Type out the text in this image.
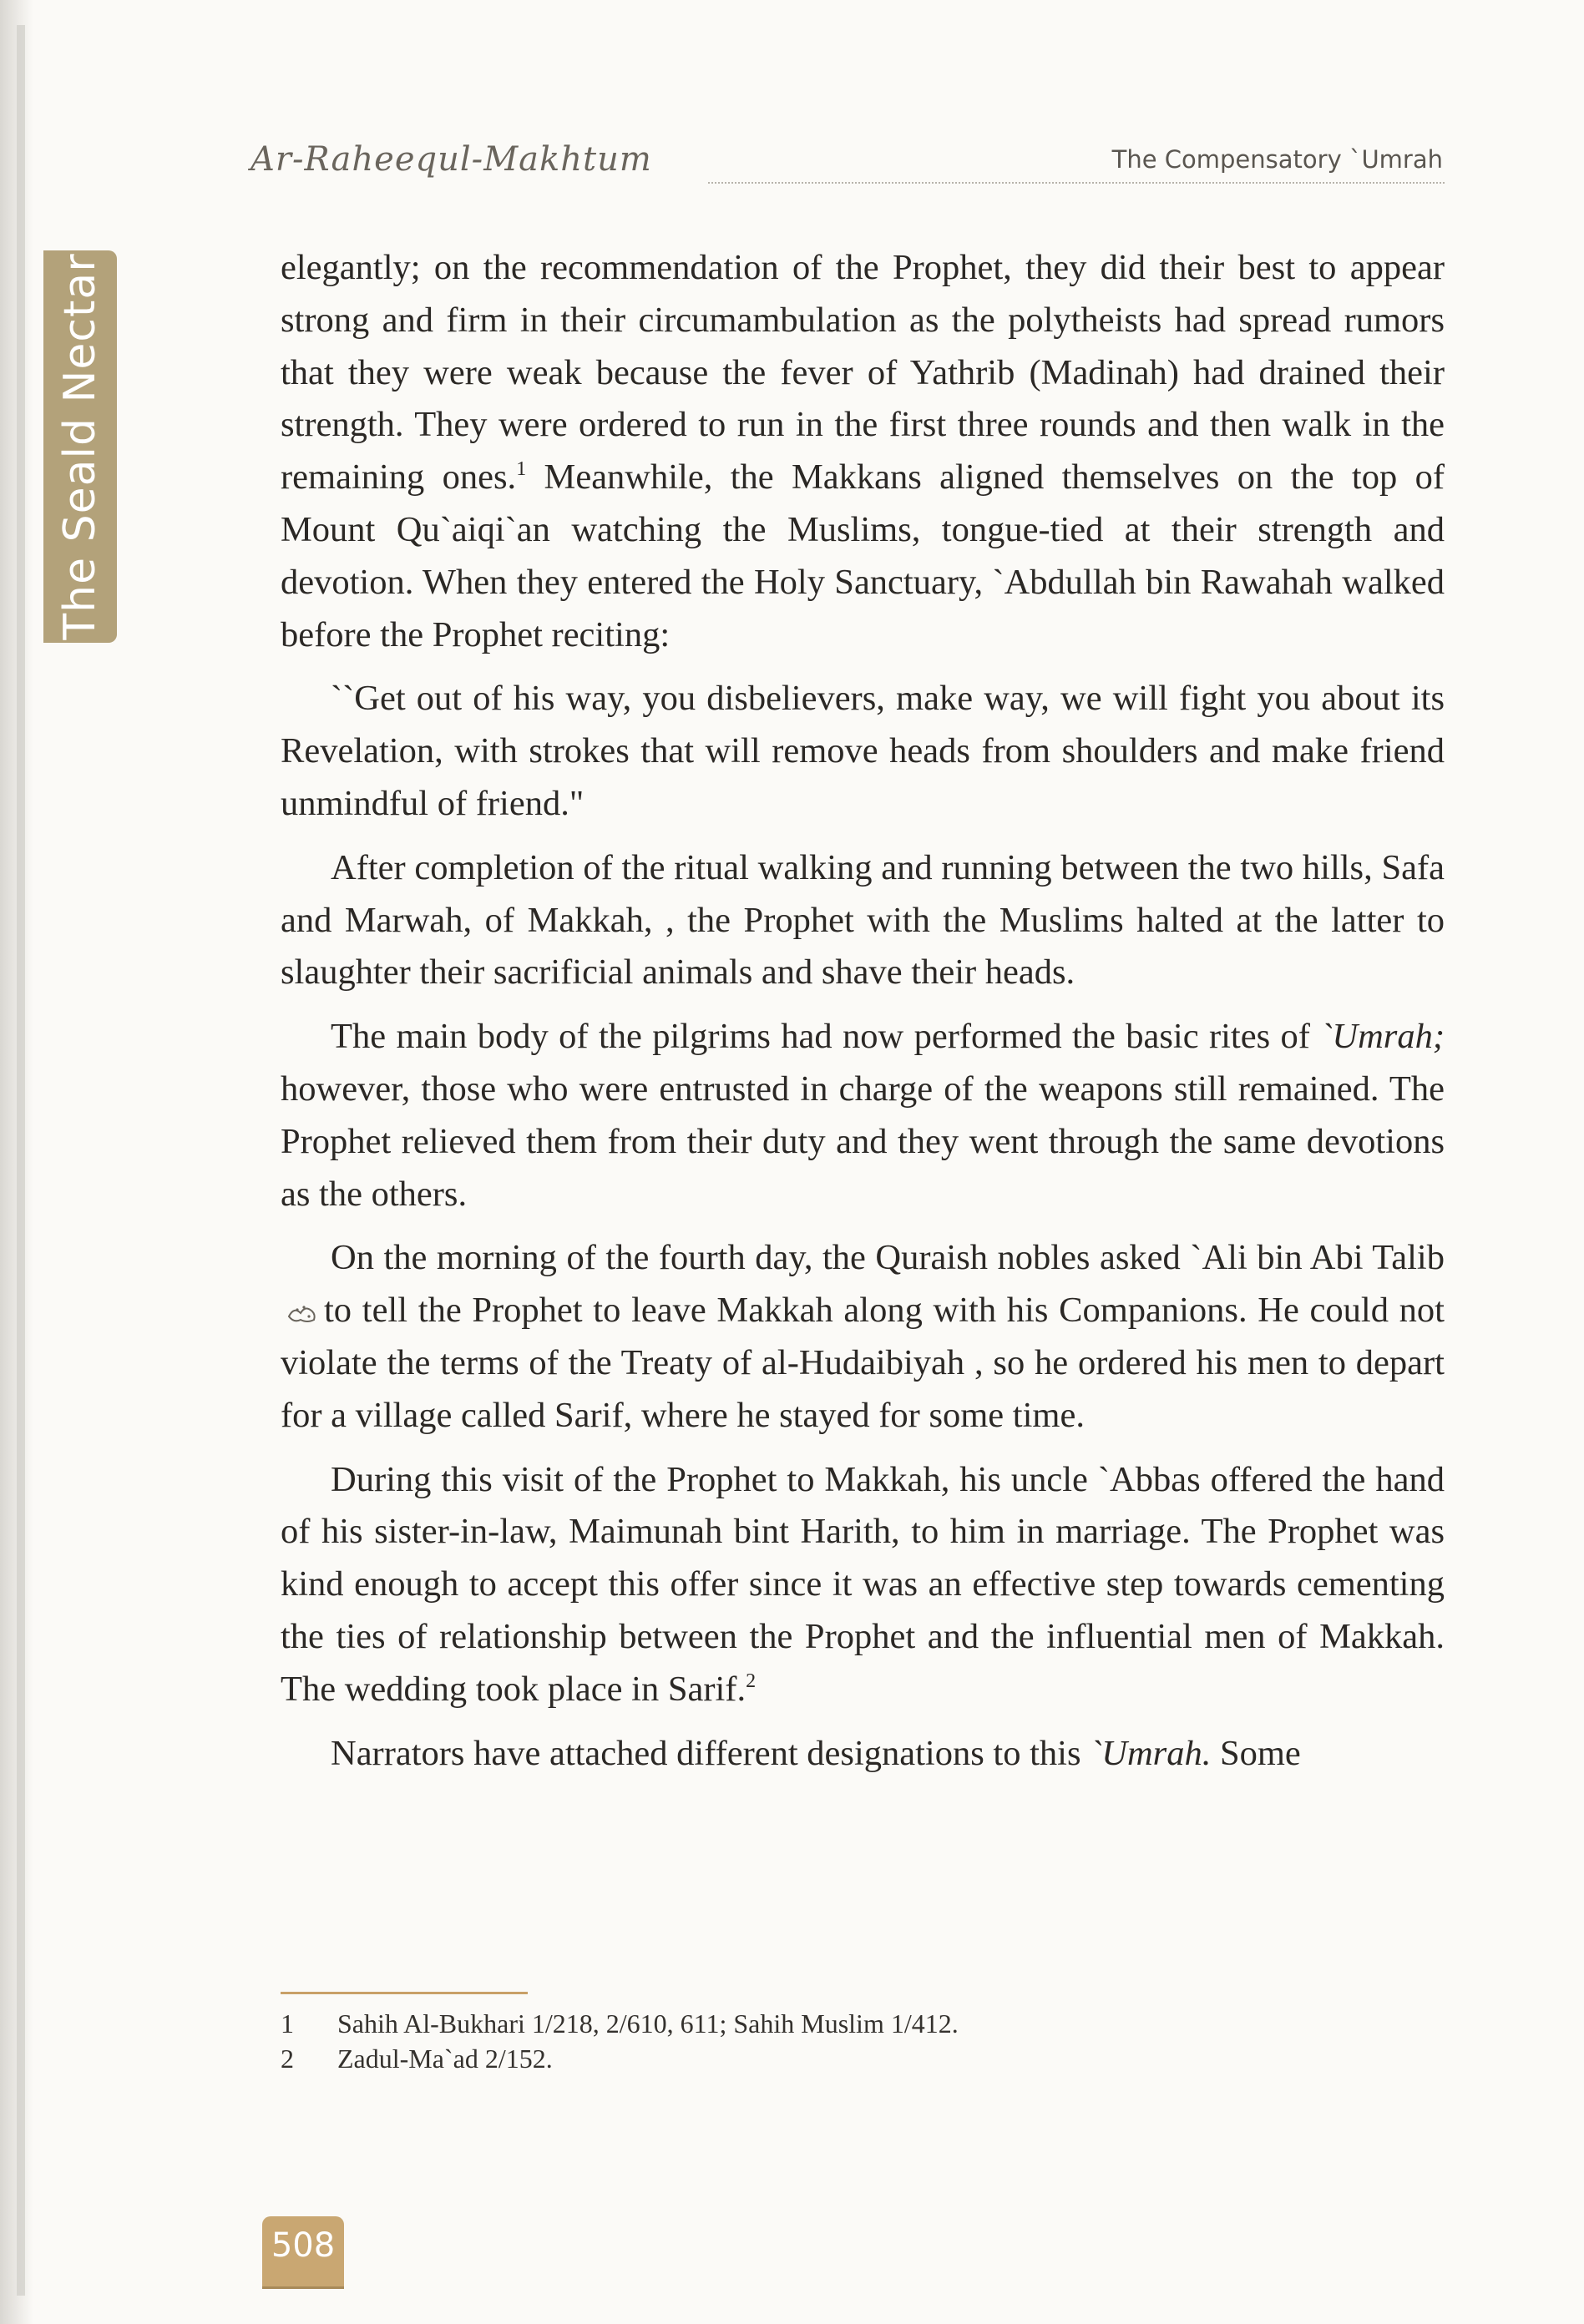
The Seald Nectar
Ar-Raheequl-Makhtum	The Compensatory `Umrah

elegantly; on the recommendation of the Prophet, they did their best to appear strong and firm in their circumambulation as the polytheists had spread rumors that they were weak because the fever of Yathrib (Madinah) had drained their strength. They were ordered to run in the first three rounds and then walk in the remaining ones.$^1$ Meanwhile, the Makkans aligned themselves on the top of Mount Qu`aiqi`an watching the Muslims, tongue-tied at their strength and devotion. When they entered the Holy Sanctuary, `Abdullah bin Rawahah walked before the Prophet reciting:

``Get out of his way, you disbelievers, make way, we will fight you about its Revelation, with strokes that will remove heads from shoulders and make friend unmindful of friend."

After completion of the ritual walking and running between the two hills, Safa and Marwah, of Makkah, , the Prophet with the Muslims halted at the latter to slaughter their sacrificial animals and shave their heads.

The main body of the pilgrims had now performed the basic rites of `Umrah; however, those who were entrusted in charge of the weapons still remained. The Prophet relieved them from their duty and they went through the same devotions as the others.

On the morning of the fourth day, the Quraish nobles asked `Ali bin Abi Talibto tell the Prophet to leave Makkah along with his Companions. He could not violate the terms of the Treaty of al-Hudaibiyah , so he ordered his men to depart for a village called Sarif, where he stayed for some time.

During this visit of the Prophet to Makkah, his uncle `Abbas offered the hand of his sister-in-law, Maimunah bint Harith, to him in marriage. The Prophet was kind enough to accept this offer since it was an effective step towards cementing the ties of relationship between the Prophet and the influential men of Makkah. The wedding took place in Sarif.$^2$

Narrators have attached different designations to this `Umrah. Some

1 Sahih Al-Bukhari 1/218, 2/610, 611; Sahih Muslim 1/412.
2 Zadul-Ma`ad 2/152.
508
